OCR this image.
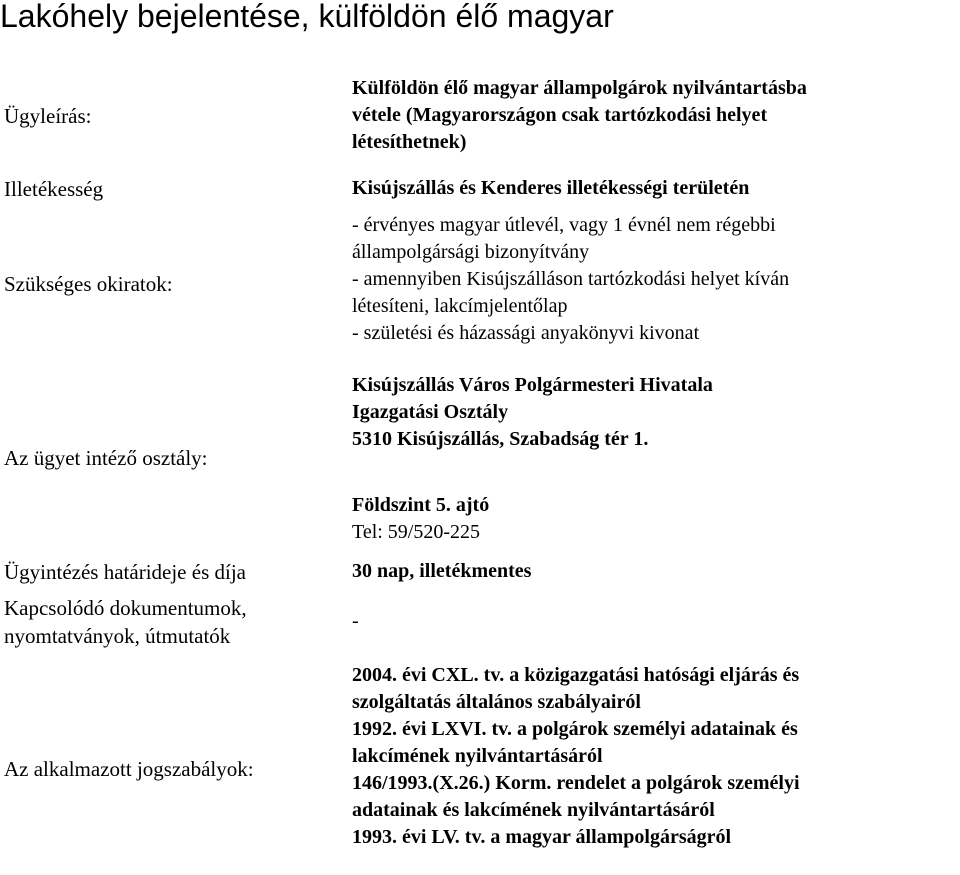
Lakóhely bejelentése, külföldön élő magyar
Ügyleírás:
Külföldön élő magyar állampolgárok nyilvántartásba
vétele (Magyarországon csak tartózkodási helyet
létesíthetnek)
Illetékesség	Kisújszállás és Kenderes illetékességi területén
Szükséges okiratok:
- érvényes magyar útlevél, vagy 1 évnél nem régebbi
állampolgársági bizonyítvány
- amennyiben Kisújszálláson tartózkodási helyet kíván
létesíteni, lakcímjelentőlap
- születési és házassági anyakönyvi kivonat
Az ügyet intéző osztály:
Kisújszállás Város Polgármesteri Hivatala
Igazgatási Osztály
5310 Kisújszállás, Szabadság tér 1.
Földszint 5. ajtó
Tel: 59/520-225
Ügyintézés határideje és díja	30 nap, illetékmentes
Kapcsolódó dokumentumok,
nyomtatványok, útmutatók
-
Az alkalmazott jogszabályok:
2004. évi CXL. tv. a közigazgatási hatósági eljárás és
szolgáltatás általános szabályairól
1992. évi LXVI. tv. a polgárok személyi adatainak és
lakcímének nyilvántartásáról
146/1993.(X.26.) Korm. rendelet a polgárok személyi
adatainak és lakcímének nyilvántartásáról
1993. évi LV. tv. a magyar állampolgárságról
